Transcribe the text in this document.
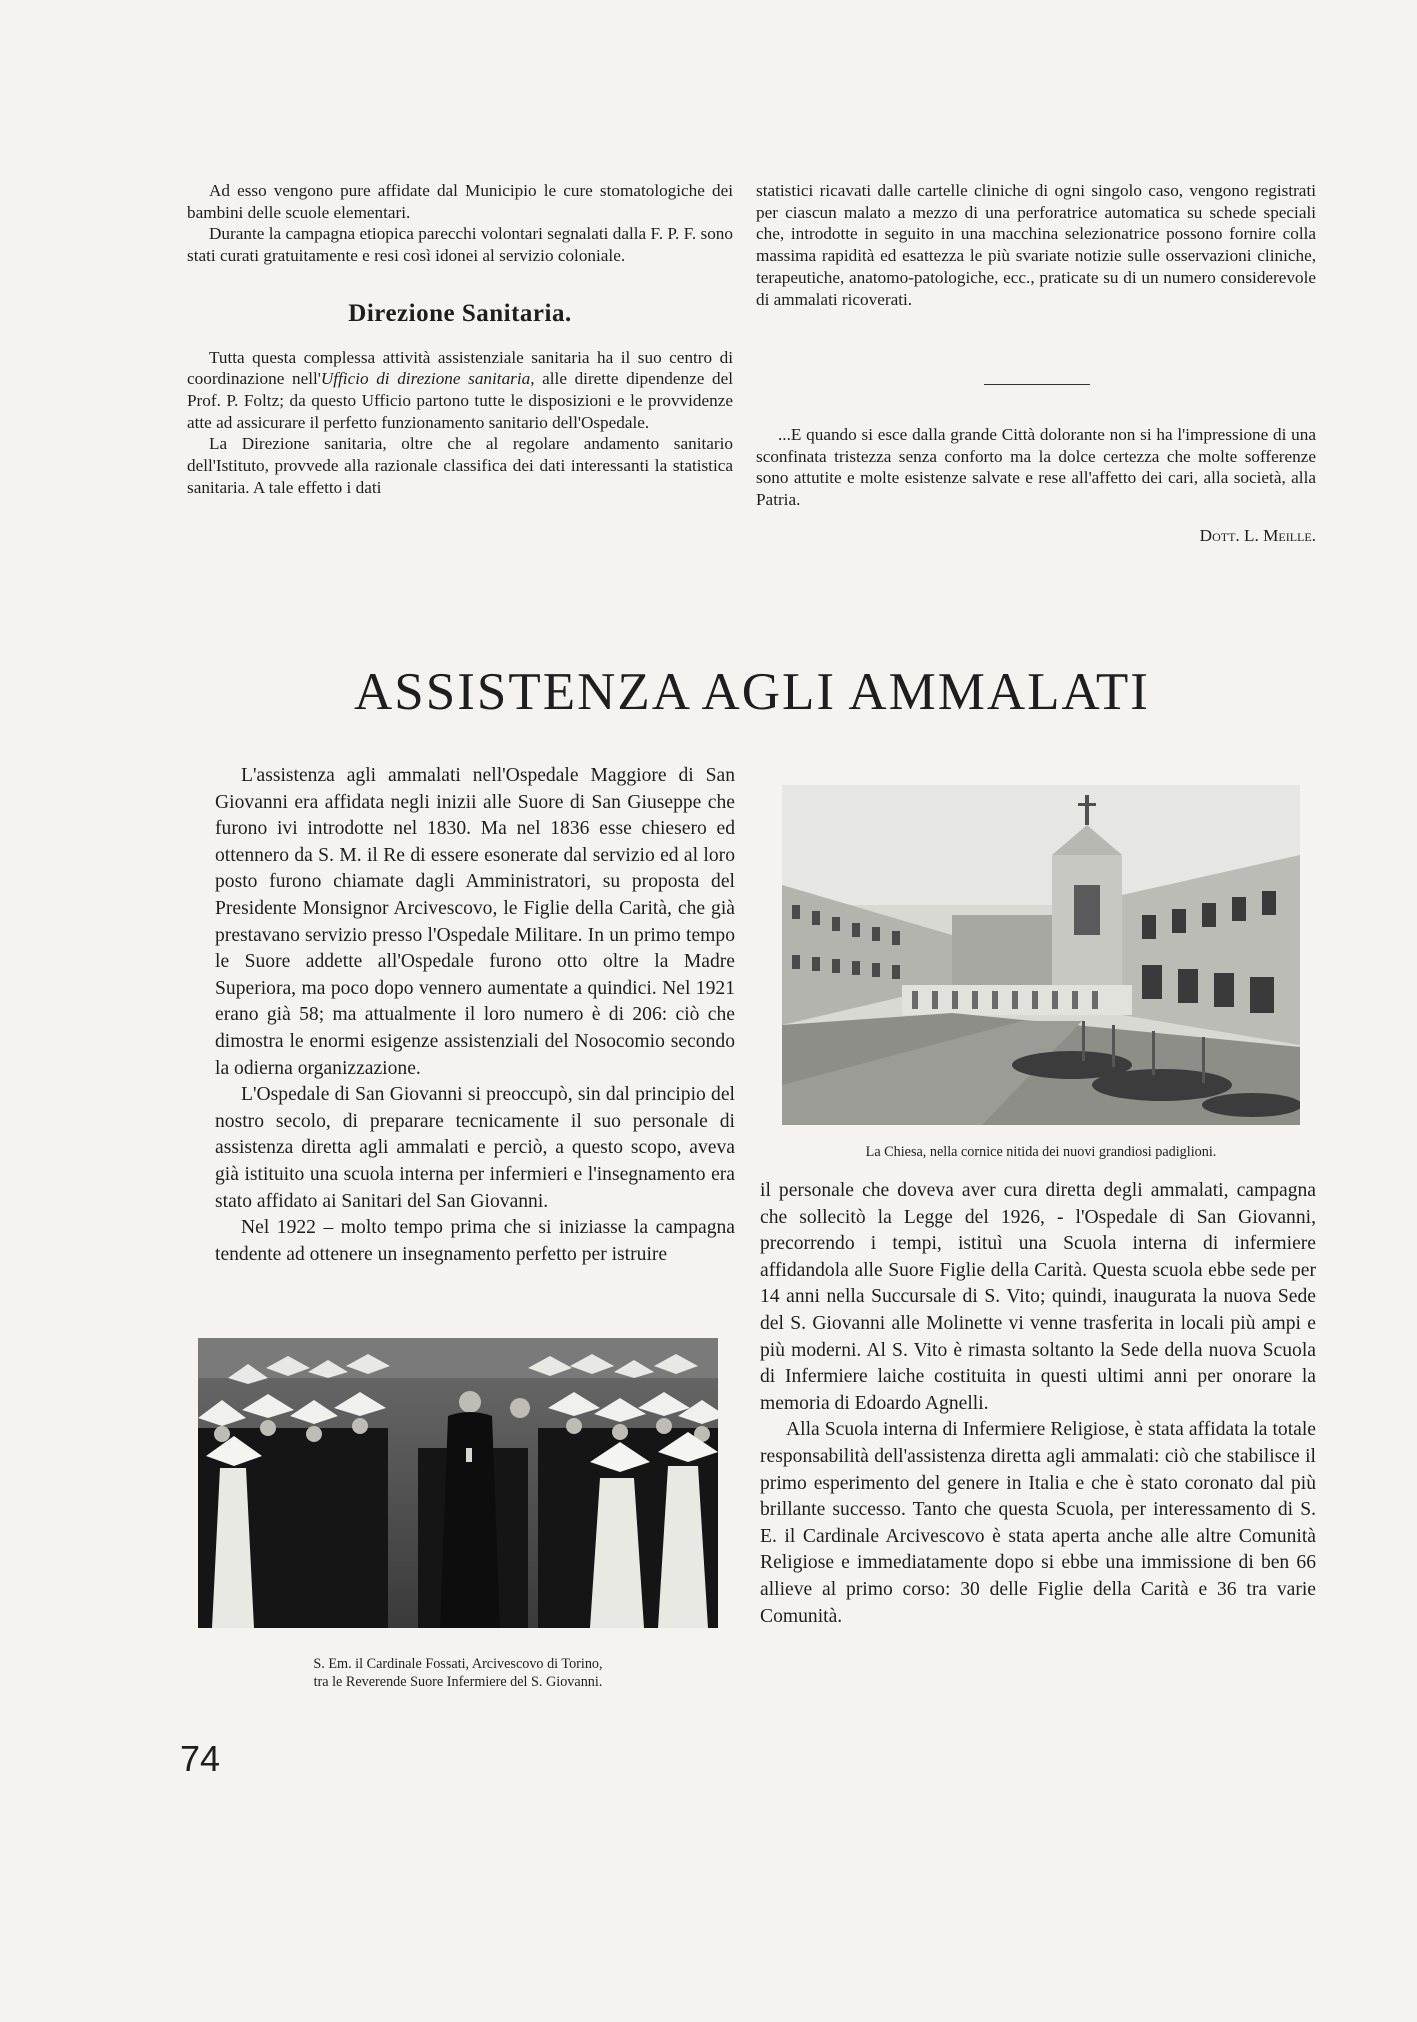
Ad esso vengono pure affidate dal Municipio le cure stomatologiche dei bambini delle scuole elementari.

Durante la campagna etiopica parecchi volontari segnalati dalla F. P. F. sono stati curati gratuitamente e resi così idonei al servizio coloniale.

Direzione Sanitaria.

Tutta questa complessa attività assistenziale sanitaria ha il suo centro di coordinazione nell'Ufficio di direzione sanitaria, alle dirette dipendenze del Prof. P. Foltz; da questo Ufficio partono tutte le disposizioni e le provvidenze atte ad assicurare il perfetto funzionamento sanitario dell'Ospedale.

La Direzione sanitaria, oltre che al regolare andamento sanitario dell'Istituto, provvede alla razionale classifica dei dati interessanti la statistica sanitaria. A tale effetto i dati

statistici ricavati dalle cartelle cliniche di ogni singolo caso, vengono registrati per ciascun malato a mezzo di una perforatrice automatica su schede speciali che, introdotte in seguito in una macchina selezionatrice possono fornire colla massima rapidità ed esattezza le più svariate notizie sulle osservazioni cliniche, terapeutiche, anatomo-patologiche, ecc., praticate su di un numero considerevole di ammalati ricoverati.

...E quando si esce dalla grande Città dolorante non si ha l'impressione di una sconfinata tristezza senza conforto ma la dolce certezza che molte sofferenze sono attutite e molte esistenze salvate e rese all'affetto dei cari, alla società, alla Patria.

Dott. L. Meille.
ASSISTENZA AGLI AMMALATI

L'assistenza agli ammalati nell'Ospedale Maggiore di San Giovanni era affidata negli inizii alle Suore di San Giuseppe che furono ivi introdotte nel 1830. Ma nel 1836 esse chiesero ed ottennero da S. M. il Re di essere esonerate dal servizio ed al loro posto furono chiamate dagli Amministratori, su proposta del Presidente Monsignor Arcivescovo, le Figlie della Carità, che già prestavano servizio presso l'Ospedale Militare. In un primo tempo le Suore addette all'Ospedale furono otto oltre la Madre Superiora, ma poco dopo vennero aumentate a quindici. Nel 1921 erano già 58; ma attualmente il loro numero è di 206: ciò che dimostra le enormi esigenze assistenziali del Nosocomio secondo la odierna organizzazione.

L'Ospedale di San Giovanni si preoccupò, sin dal principio del nostro secolo, di preparare tecnicamente il suo personale di assistenza diretta agli ammalati e perciò, a questo scopo, aveva già istituito una scuola interna per infermieri e l'insegnamento era stato affidato ai Sanitari del San Giovanni.

Nel 1922 – molto tempo prima che si iniziasse la campagna tendente ad ottenere un insegnamento perfetto per istruire

S. Em. il Cardinale Fossati, Arcivescovo di Torino,
tra le Reverende Suore Infermiere del S. Giovanni.
La Chiesa, nella cornice nitida dei nuovi grandiosi padiglioni.

il personale che doveva aver cura diretta degli ammalati, campagna che sollecitò la Legge del 1926, - l'Ospedale di San Giovanni, precorrendo i tempi, istituì una Scuola interna di infermiere affidandola alle Suore Figlie della Carità. Questa scuola ebbe sede per 14 anni nella Succursale di S. Vito; quindi, inaugurata la nuova Sede del S. Giovanni alle Molinette vi venne trasferita in locali più ampi e più moderni. Al S. Vito è rimasta soltanto la Sede della nuova Scuola di Infermiere laiche costituita in questi ultimi anni per onorare la memoria di Edoardo Agnelli.

Alla Scuola interna di Infermiere Religiose, è stata affidata la totale responsabilità dell'assistenza diretta agli ammalati: ciò che stabilisce il primo esperimento del genere in Italia e che è stato coronato dal più brillante successo. Tanto che questa Scuola, per interessamento di S. E. il Cardinale Arcivescovo è stata aperta anche alle altre Comunità Religiose e immediatamente dopo si ebbe una immissione di ben 66 allieve al primo corso: 30 delle Figlie della Carità e 36 tra varie Comunità.

74
